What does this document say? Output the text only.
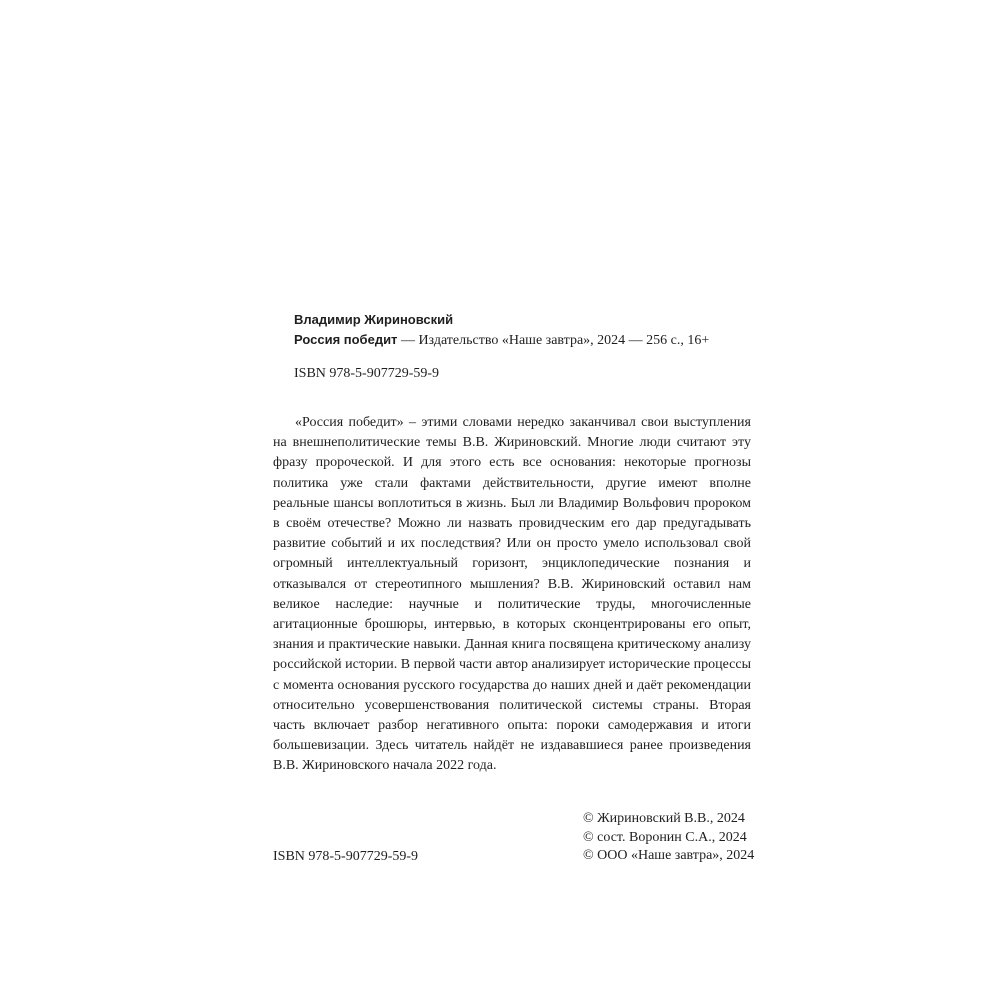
Владимир Жириновский
Россия победит — Издательство «Наше завтра», 2024 — 256 с., 16+
ISBN 978-5-907729-59-9

«Россия победит» – этими словами нередко заканчивал свои выступления на внешнеполитические темы В.В. Жириновский. Многие люди считают эту фразу пророческой. И для этого есть все основания: некоторые прогнозы политика уже стали фактами действительности, другие имеют вполне реальные шансы воплотиться в жизнь. Был ли Владимир Вольфович пророком в своём отечестве? Можно ли назвать провидческим его дар предугадывать развитие событий и их последствия? Или он просто умело использовал свой огромный интеллектуальный горизонт, энциклопедические познания и отказывался от стереотипного мышления? В.В. Жириновский оставил нам великое наследие: научные и политические труды, многочисленные агитационные брошюры, интервью, в которых сконцентрированы его опыт, знания и практические навыки. Данная книга посвящена критическому анализу российской истории. В первой части автор анализирует исторические процессы с момента основания русского государства до наших дней и даёт рекомендации относительно усовершенствования политической системы страны. Вторая часть включает разбор негативного опыта: пороки самодержавия и итоги большевизации. Здесь читатель найдёт не издававшиеся ранее произведения В.В. Жириновского начала 2022 года.

ISBN 978-5-907729-59-9
© Жириновский В.В., 2024
© сост. Воронин С.А., 2024
© ООО «Наше завтра», 2024
